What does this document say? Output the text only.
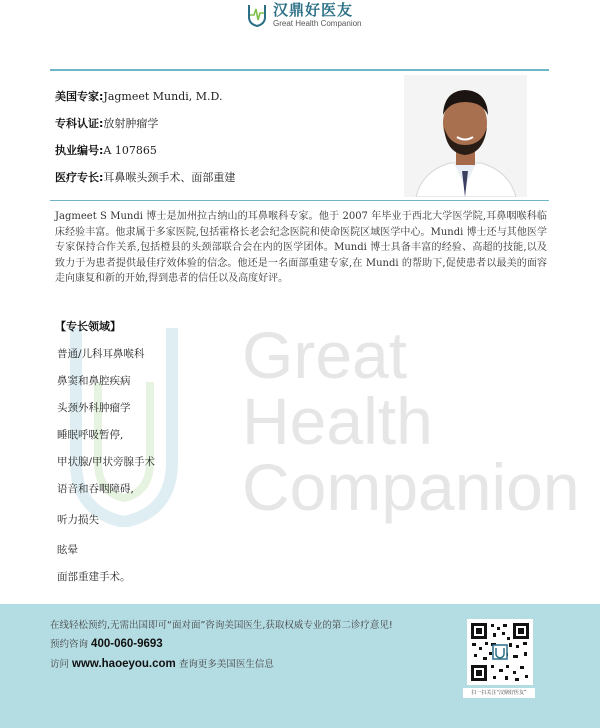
汉鼎好医友
Great Health Companion
美国专家:Jagmeet Mundi, M.D.
专科认证:放射肿瘤学
执业编号:A 107865
医疗专长:耳鼻喉头颈手术、面部重建
Jagmeet S Mundi 博士是加州拉古纳山的耳鼻喉科专家。他于 2007 年毕业于西北大学医学院,耳鼻咽喉科临床经验丰富。他隶属于多家医院,包括霍格长老会纪念医院和使命医院区域医学中心。Mundi 博士还与其他医学专家保持合作关系,包括橙县的头颈部联合会在内的医学团体。Mundi 博士具备丰富的经验、高超的技能,以及致力于为患者提供最佳疗效体验的信念。他还是一名面部重建专家,在 Mundi 的帮助下,促使患者以最美的面容走向康复和新的开始,得到患者的信任以及高度好评。
Great
Health
Companion
【专长领域】
普通/儿科耳鼻喉科
鼻窦和鼻腔疾病
头颈外科肿瘤学
睡眠呼吸暂停,
甲状腺/甲状旁腺手术
语音和吞咽障碍,
听力损失
眩晕
面部重建手术。
在线轻松预约,无需出国即可“面对面”咨询美国医生,获取权威专业的第二诊疗意见!
预约咨询 400-060-9693
访问 www.haoeyou.com 查询更多美国医生信息
扫一扫关注“汉鼎好医友”
